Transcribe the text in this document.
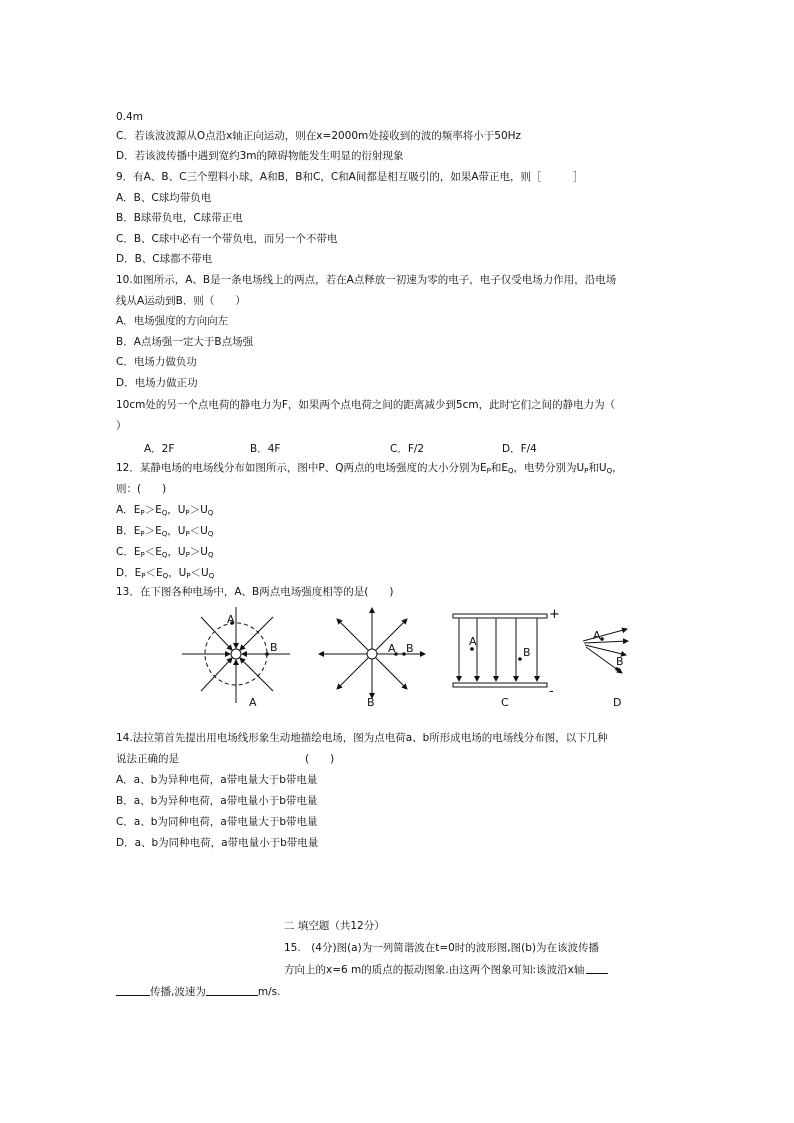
0.4m
C．若该波波源从O点沿x轴正向运动，则在x=2000m处接收到的波的频率将小于50Hz
D．若该波传播中遇到宽约3m的障碍物能发生明显的衍射现象
9．有A、B、C三个塑料小球，A和B，B和C，C和A间都是相互吸引的，如果A带正电，则［　　　］
A．B、C球均带负电
B．B球带负电，C球带正电
C．B、C球中必有一个带负电，而另一个不带电
D．B、C球都不带电
10.如图所示，A、B是一条电场线上的两点，若在A点释放一初速为零的电子，电子仅受电场力作用，沿电场
线从A运动到B．则（　　）
A．电场强度的方向向左
B．A点场强一定大于B点场强
C．电场力做负功
D．电场力做正功
10cm处的另一个点电荷的静电力为F，如果两个点电荷之间的距离减少到5cm，此时它们之间的静电力为（
）
A．2F	B．4F	C．F/2	D．F/4
12．某静电场的电场线分布如图所示，图中P、Q两点的电场强度的大小分别为$E_P$和$E_Q$，电势分别为$U_P$和$U_Q$，
则：(　　)
A．$E_P>E_Q$，$U_P>U_Q$
B．$E_P>E_Q$，$U_P<U_Q$
C．$E_P<E_Q$，$U_P>U_Q$
D．$E_P<E_Q$，$U_P<U_Q$
13．在下图各种电场中，A、B两点电场强度相等的是(　　)
A
B
A
A B
B
A
B
+
-
C
A
B
D
14.法拉第首先提出用电场线形象生动地描绘电场，图为点电荷a、b所形成电场的电场线分布图，以下几种
说法正确的是　　　　　　　　　　　　(　　)
A．a、b为异种电荷，a带电量大于b带电量
B．a、b为异种电荷，a带电量小于b带电量
C．a、b为同种电荷，a带电量大于b带电量
D．a、b为同种电荷，a带电量小于b带电量
二 填空题（共12分）
15.　(4分)图(a)为一列简谐波在t=0时的波形图,图(b)为在该波传播
方向上的x=6 m的质点的振动图象.由这两个图象可知:该波沿x轴
传播,波速为	m/s.
